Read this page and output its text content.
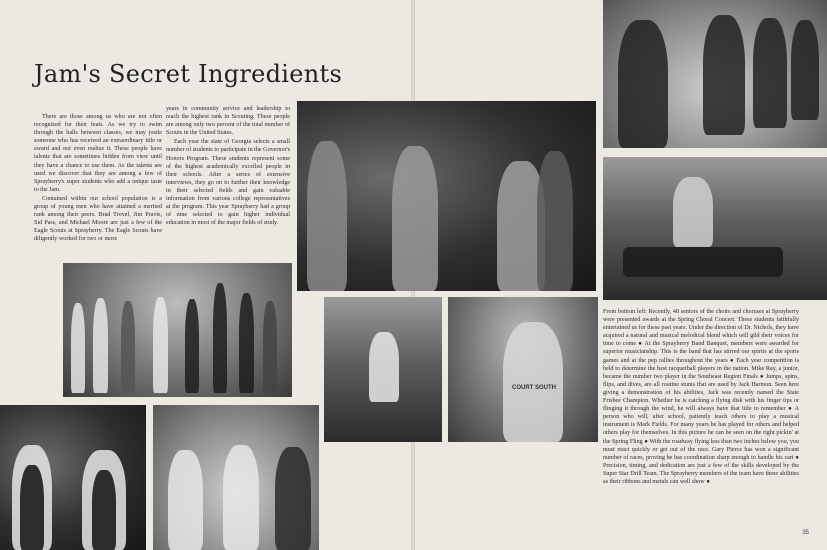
Jam's Secret Ingredients

There are those among us who are not often recognized for their feats. As we try to swim through the halls between classes, we may jostle someone who has received an extraordinary title or award and not even realize it. These people have talents that are sometimes hidden from view until they have a chance to use them. As the talents are used we discover that they are among a few of Sprayberry's super students who add a unique taste to the Jam.

Contained within our school population is a group of young men who have attained a merited rank among their peers. Brad Trovel, Jim Pravis, Sid Pass, and Michael Moore are just a few of the Eagle Scouts at Sprayberry. The Eagle Scouts have diligently worked for two or more

years in community service and leadership to reach the highest rank in Scouting. These people are among only two percent of the total number of Scouts in the United States.

Each year the state of Georgia selects a small number of students to participate in the Governor's Honors Program. These students represent some of the highest academically excelled people in their schools. After a series of extensive interviews, they go on to further their knowledge in their selected fields and gain valuable information from various college representatives at the program. This year Sprayberry had a group of nine selected to gain higher individual education in most of the major fields of study.

COURT SOUTH
From bottom left: Recently, 48 seniors of the choirs and choruses at Sprayberry were presented awards at the Spring Choral Concert. These students faithfully entertained us for these past years. Under the direction of Dr. Nichols, they have acquired a natural and musical melodical blend which will gild their voices for time to come ● At the Sprayberry Band Banquet, members were awarded for superior musicianship. This is the band that has stirred our spirits at the sports games and at the pep rallies throughout the years ● Each year competition is held to determine the best racquetball players in the nation. Mike Ray, a junior, became the number two player in the Southeast Region Finals ● Jumps, spins, flips, and dives, are all routine stunts that are used by Jack Harmon. Seen here giving a demonstration of his abilities, Jack was recently named the State Frisbee Champion. Whether he is catching a flying disk with his finger tips or flinging it through the wind, he will always have that title to remember ● A person who will, after school, patiently teach others to play a musical instrument is Mark Fields. For many years he has played for others and helped others play for themselves. In this picture he can be seen on the right pickin' at the Spring Fling ● With the roadway flying less than two inches below you, you must react quickly or get out of the race. Gary Pierce has won a significant number of races, proving he has coordination sharp enough to handle his cart ● Precision, timing, and dedication are just a few of the skills developed by the Super Star Drill Team. The Sprayberry members of the team have these abilities as their ribbons and metals can well show ●
35
